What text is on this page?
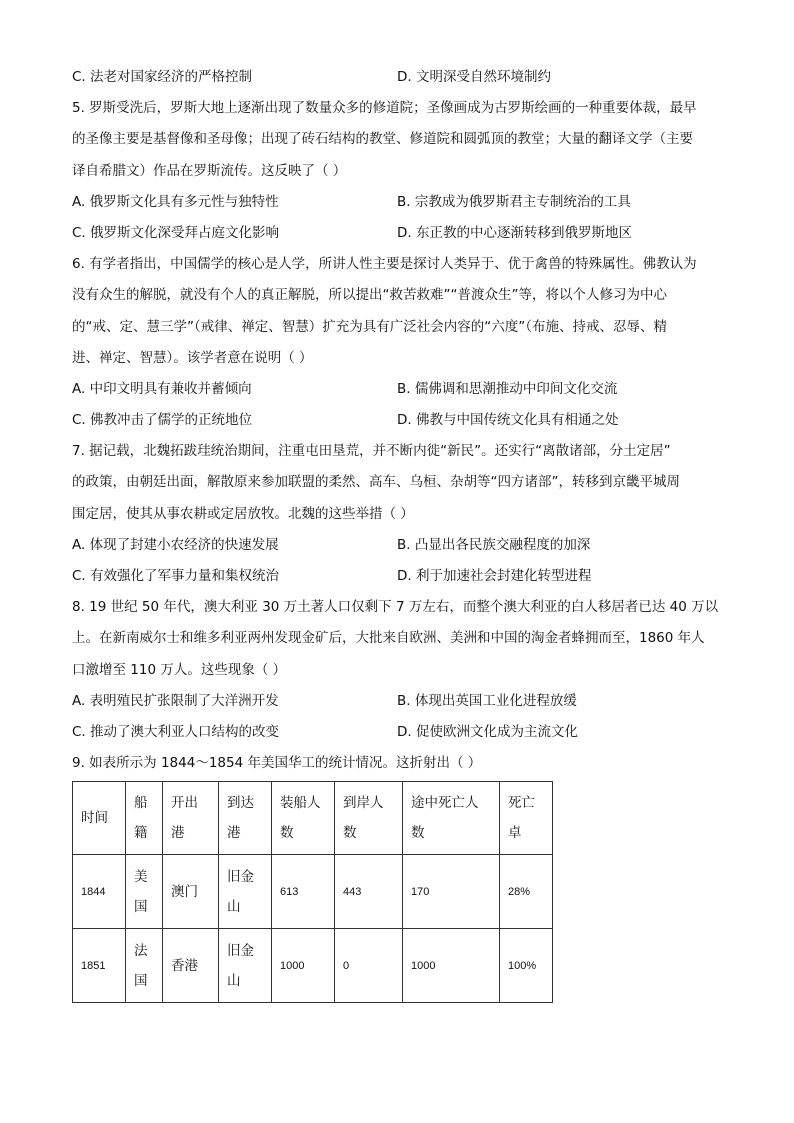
C. 法老对国家经济的严格控制	D. 文明深受自然环境制约
5. 罗斯受洗后，罗斯大地上逐渐出现了数量众多的修道院；圣像画成为古罗斯绘画的一种重要体裁，最早
的圣像主要是基督像和圣母像；出现了砖石结构的教堂、修道院和圆弧顶的教堂；大量的翻译文学（主要
译自希腊文）作品在罗斯流传。这反映了（ ）
A. 俄罗斯文化具有多元性与独特性	B. 宗教成为俄罗斯君主专制统治的工具
C. 俄罗斯文化深受拜占庭文化影响	D. 东正教的中心逐渐转移到俄罗斯地区
6. 有学者指出，中国儒学的核心是人学，所讲人性主要是探讨人类异于、优于禽兽的特殊属性。佛教认为
没有众生的解脱，就没有个人的真正解脱，所以提出“救苦救难”“普渡众生”等，将以个人修习为中心
的“戒、定、慧三学”（戒律、禅定、智慧）扩充为具有广泛社会内容的“六度”（布施、持戒、忍辱、精
进、禅定、智慧）。该学者意在说明（ ）
A. 中印文明具有兼收并蓄倾向	B. 儒佛调和思潮推动中印间文化交流
C. 佛教冲击了儒学的正统地位	D. 佛教与中国传统文化具有相通之处
7. 据记载，北魏拓跋珪统治期间，注重屯田垦荒，并不断内徙“新民”。还实行“离散诸部，分土定居”
的政策，由朝廷出面，解散原来参加联盟的柔然、高车、乌桓、杂胡等“四方诸部”，转移到京畿平城周
围定居，使其从事农耕或定居放牧。北魏的这些举措（ ）
A. 体现了封建小农经济的快速发展	B. 凸显出各民族交融程度的加深
C. 有效强化了军事力量和集权统治	D. 利于加速社会封建化转型进程
8. 19 世纪 50 年代，澳大利亚 30 万土著人口仅剩下 7 万左右，而整个澳大利亚的白人移居者已达 40 万以
上。在新南威尔士和维多利亚两州发现金矿后，大批来自欧洲、美洲和中国的淘金者蜂拥而至，1860 年人
口激增至 110 万人。这些现象（ ）
A. 表明殖民扩张限制了大洋洲开发	B. 体现出英国工业化进程放缓
C. 推动了澳大利亚人口结构的改变	D. 促使欧洲文化成为主流文化
9. 如表所示为 1844～1854 年美国华工的统计情况。这折射出（ ）
时间	船籍	开出港	到达港	装船人数	到岸人数	途中死亡人数	死亡卓
1844	美国	澳门	旧金山	613	443	170	28%
1851	法国	香港	旧金山	1000	0	1000	100%
